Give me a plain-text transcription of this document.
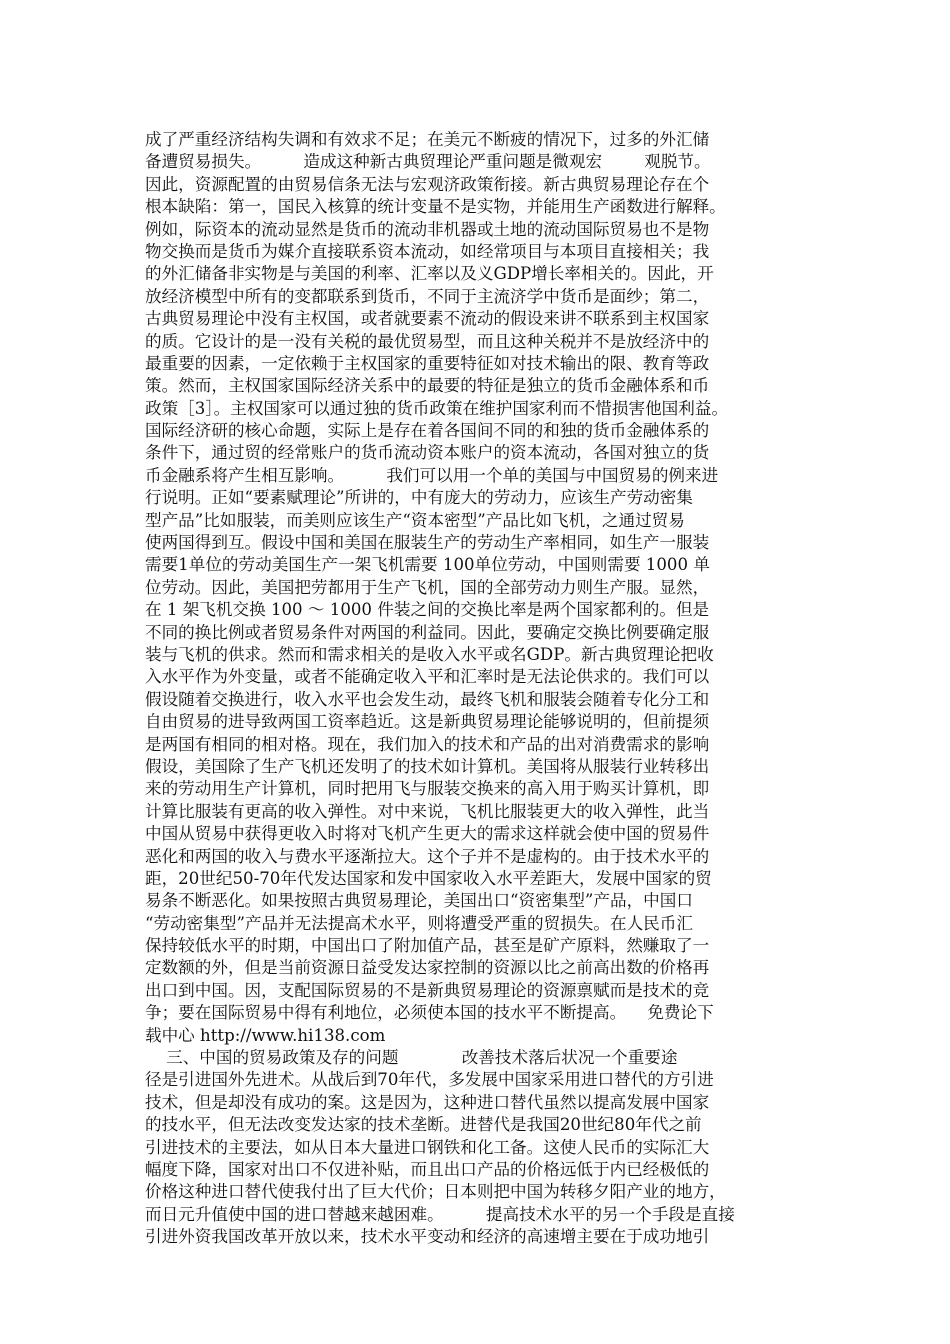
成了严重经济结构失调和有效求不足；在美元不断疲的情况下，过多的外汇储
备遭贸易损失。        造成这种新古典贸理论严重问题是微观宏        观脱节。
因此，资源配置的由贸易信条无法与宏观济政策衔接。新古典贸易理论存在个
根本缺陷：第一，国民入核算的统计变量不是实物，并能用生产函数进行解释。
例如，际资本的流动显然是货币的流动非机器或土地的流动国际贸易也不是物
物交换而是货币为媒介直接联系资本流动，如经常项目与本项目直接相关；我
的外汇储备非实物是与美国的利率、汇率以及义GDP增长率相关的。因此，开
放经济模型中所有的变都联系到货币，不同于主流济学中货币是面纱；第二，
古典贸易理论中没有主权国，或者就要素不流动的假设来讲不联系到主权国家
的质。它设计的是一没有关税的最优贸易型，而且这种关税并不是放经济中的
最重要的因素，一定依赖于主权国家的重要特征如对技术输出的限、教育等政
策。然而，主权国家国际经济关系中的最要的特征是独立的货币金融体系和币
政策［3］。主权国家可以通过独的货币政策在维护国家利而不惜损害他国利益。
国际经济研的核心命题，实际上是存在着各国间不同的和独的货币金融体系的
条件下，通过贸的经常账户的货币流动资本账户的资本流动，各国对独立的货
币金融系将产生相互影响。        我们可以用一个单的美国与中国贸易的例来进
行说明。正如“要素赋理论”所讲的，中有庞大的劳动力，应该生产劳动密集
型产品”比如服装，而美则应该生产“资本密型”产品比如飞机，之通过贸易
使两国得到互。假设中国和美国在服装生产的劳动生产率相同，如生产一服装
需要1单位的劳动美国生产一架飞机需要 100单位劳动，中国则需要 1000 单
位劳动。因此，美国把劳都用于生产飞机，国的全部劳动力则生产服。显然，
在 1 架飞机交换 100 ～ 1000 件装之间的交换比率是两个国家都利的。但是
不同的换比例或者贸易条件对两国的利益同。因此，要确定交换比例要确定服
装与飞机的供求。然而和需求相关的是收入水平或名GDP。新古典贸理论把收
入水平作为外变量，或者不能确定收入平和汇率时是无法论供求的。我们可以
假设随着交换进行，收入水平也会发生动，最终飞机和服装会随着专化分工和
自由贸易的进导致两国工资率趋近。这是新典贸易理论能够说明的，但前提须
是两国有相同的相对格。现在，我们加入的技术和产品的出对消费需求的影响
假设，美国除了生产飞机还发明了的技术如计算机。美国将从服装行业转移出
来的劳动用生产计算机，同时把用飞与服装交换来的高入用于购买计算机，即
计算比服装有更高的收入弹性。对中来说，飞机比服装更大的收入弹性，此当
中国从贸易中获得更收入时将对飞机产生更大的需求这样就会使中国的贸易件
恶化和两国的收入与费水平逐渐拉大。这个子并不是虚构的。由于技术水平的
距，20世纪50-70年代发达国家和发中国家收入水平差距大，发展中国家的贸
易条不断恶化。如果按照古典贸易理论，美国出口“资密集型”产品，中国口
“劳动密集型”产品并无法提高术水平，则将遭受严重的贸损失。在人民币汇
保持较低水平的时期，中国出口了附加值产品，甚至是矿产原料，然赚取了一
定数额的外，但是当前资源日益受发达家控制的资源以比之前高出数的价格再
出口到中国。因，支配国际贸易的不是新典贸易理论的资源禀赋而是技术的竞
争；要在国际贸易中得有利地位，必须使本国的技水平不断提高。    免费论下
载中心 http://www.hi138.com
三、中国的贸易政策及存的问题            改善技术落后状况一个重要途
径是引进国外先进术。从战后到70年代，多发展中国家采用进口替代的方引进
技术，但是却没有成功的案。这是因为，这种进口替代虽然以提高发展中国家
的技水平，但无法改变发达家的技术垄断。进替代是我国20世纪80年代之前
引进技术的主要法，如从日本大量进口钢铁和化工备。这使人民币的实际汇大
幅度下降，国家对出口不仅进补贴，而且出口产品的价格远低于内已经极低的
价格这种进口替代使我付出了巨大代价；日本则把中国为转移夕阳产业的地方，
而日元升值使中国的进口替越来越困难。        提高技术水平的另一个手段是直接
引进外资我国改革开放以来，技术水平变动和经济的高速增主要在于成功地引
